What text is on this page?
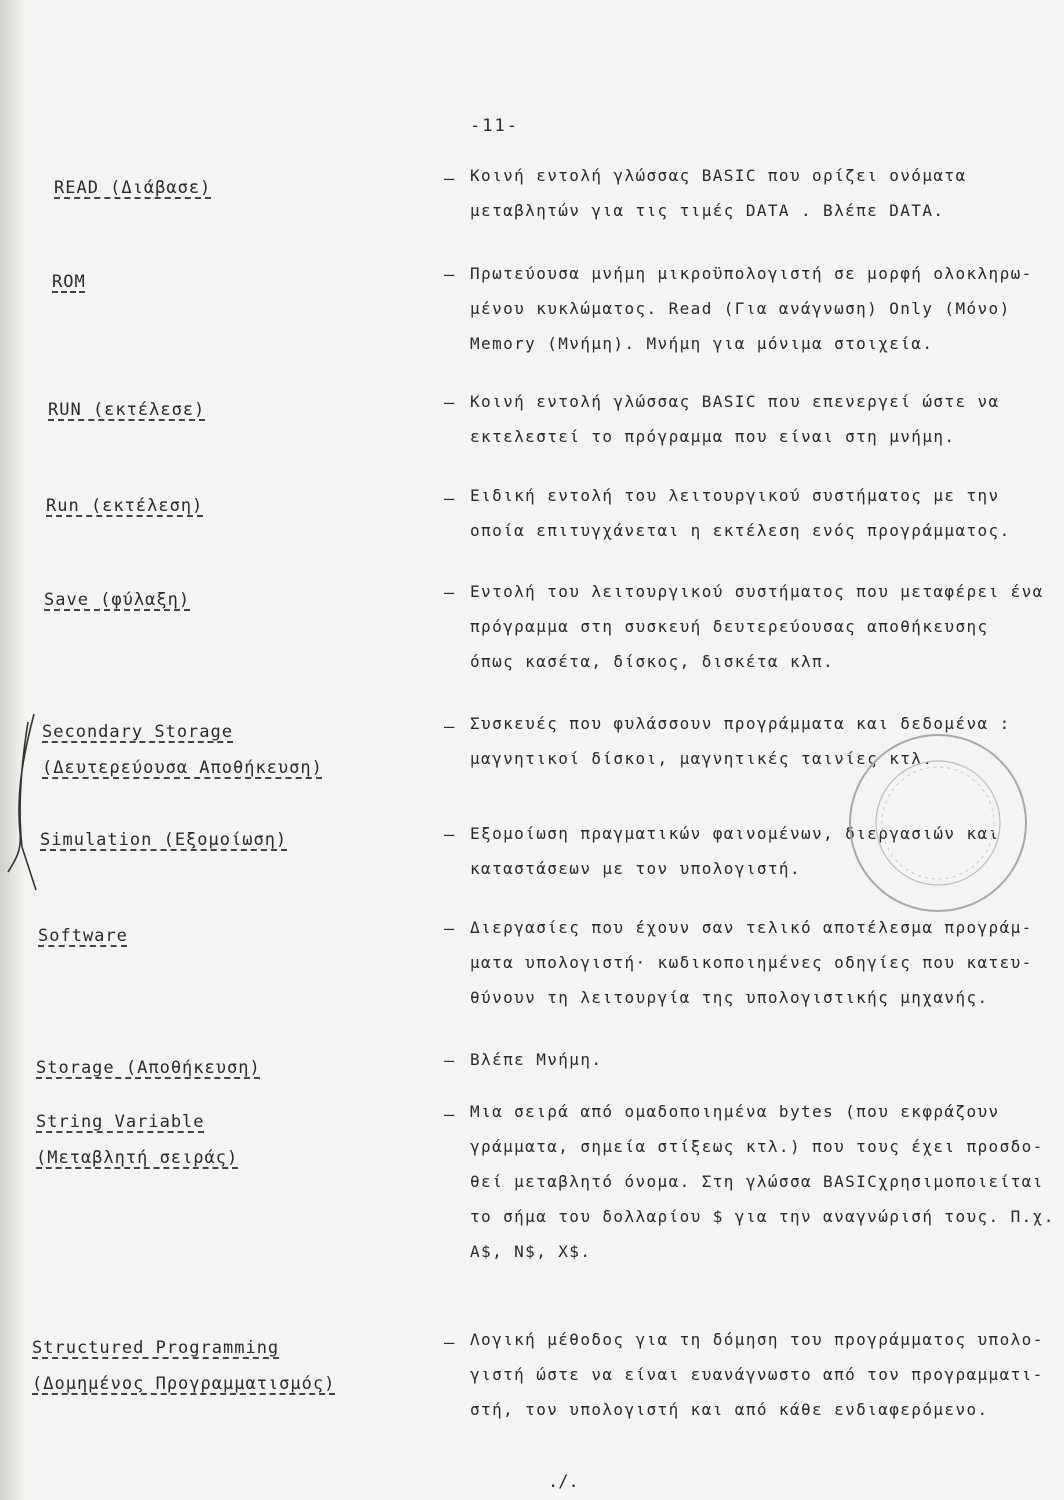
-11-
READ (Διάβασε)	– Κοινή εντολή γλώσσας BASIC που ορίζει ονόματα
μεταβλητών για τις τιμές DATA . Βλέπε DATA.
ROM	– Πρωτεύουσα μνήμη μικροϋπολογιστή σε μορφή ολοκληρω-
μένου κυκλώματος. Read (Για ανάγνωση) Only (Μόνο)
Memory (Μνήμη). Μνήμη για μόνιμα στοιχεία.
RUN (εκτέλεσε)	– Κοινή εντολή γλώσσας BASIC που επενεργεί ώστε να
εκτελεστεί το πρόγραμμα που είναι στη μνήμη.
Run (εκτέλεση)	– Ειδική εντολή του λειτουργικού συστήματος με την
οποία επιτυγχάνεται η εκτέλεση ενός προγράμματος.
Save (φύλαξη)	– Εντολή του λειτουργικού συστήματος που μεταφέρει ένα
πρόγραμμα στη συσκευή δευτερεύουσας αποθήκευσης
όπως κασέτα, δίσκος, δισκέτα κλπ.
Secondary Storage
(Δευτερεύουσα Αποθήκευση)
– Συσκευές που φυλάσσουν προγράμματα και δεδομένα :
μαγνητικοί δίσκοι, μαγνητικές ταινίες κτλ.
Simulation (Εξομοίωση)	– Εξομοίωση πραγματικών φαινομένων, διεργασιών και
καταστάσεων με τον υπολογιστή.
Software	– Διεργασίες που έχουν σαν τελικό αποτέλεσμα προγράμ-
ματα υπολογιστή· κωδικοποιημένες οδηγίες που κατευ-
θύνουν τη λειτουργία της υπολογιστικής μηχανής.
Storage (Αποθήκευση)	– Βλέπε Μνήμη.
String Variable
(Μεταβλητή σειράς)
– Μια σειρά από ομαδοποιημένα bytes (που εκφράζουν
γράμματα, σημεία στίξεως κτλ.) που τους έχει προσδο-
θεί μεταβλητό όνομα. Στη γλώσσα BASICχρησιμοποιείται
το σήμα του δολλαρίου $ για την αναγνώρισή τους. Π.χ.
A$, N$, X$.
Structured Programming
(Δομημένος Προγραμματισμός)
– Λογική μέθοδος για τη δόμηση του προγράμματος υπολο-
γιστή ώστε να είναι ευανάγνωστο από τον προγραμματι-
στή, τον υπολογιστή και από κάθε ενδιαφερόμενο.
./.
